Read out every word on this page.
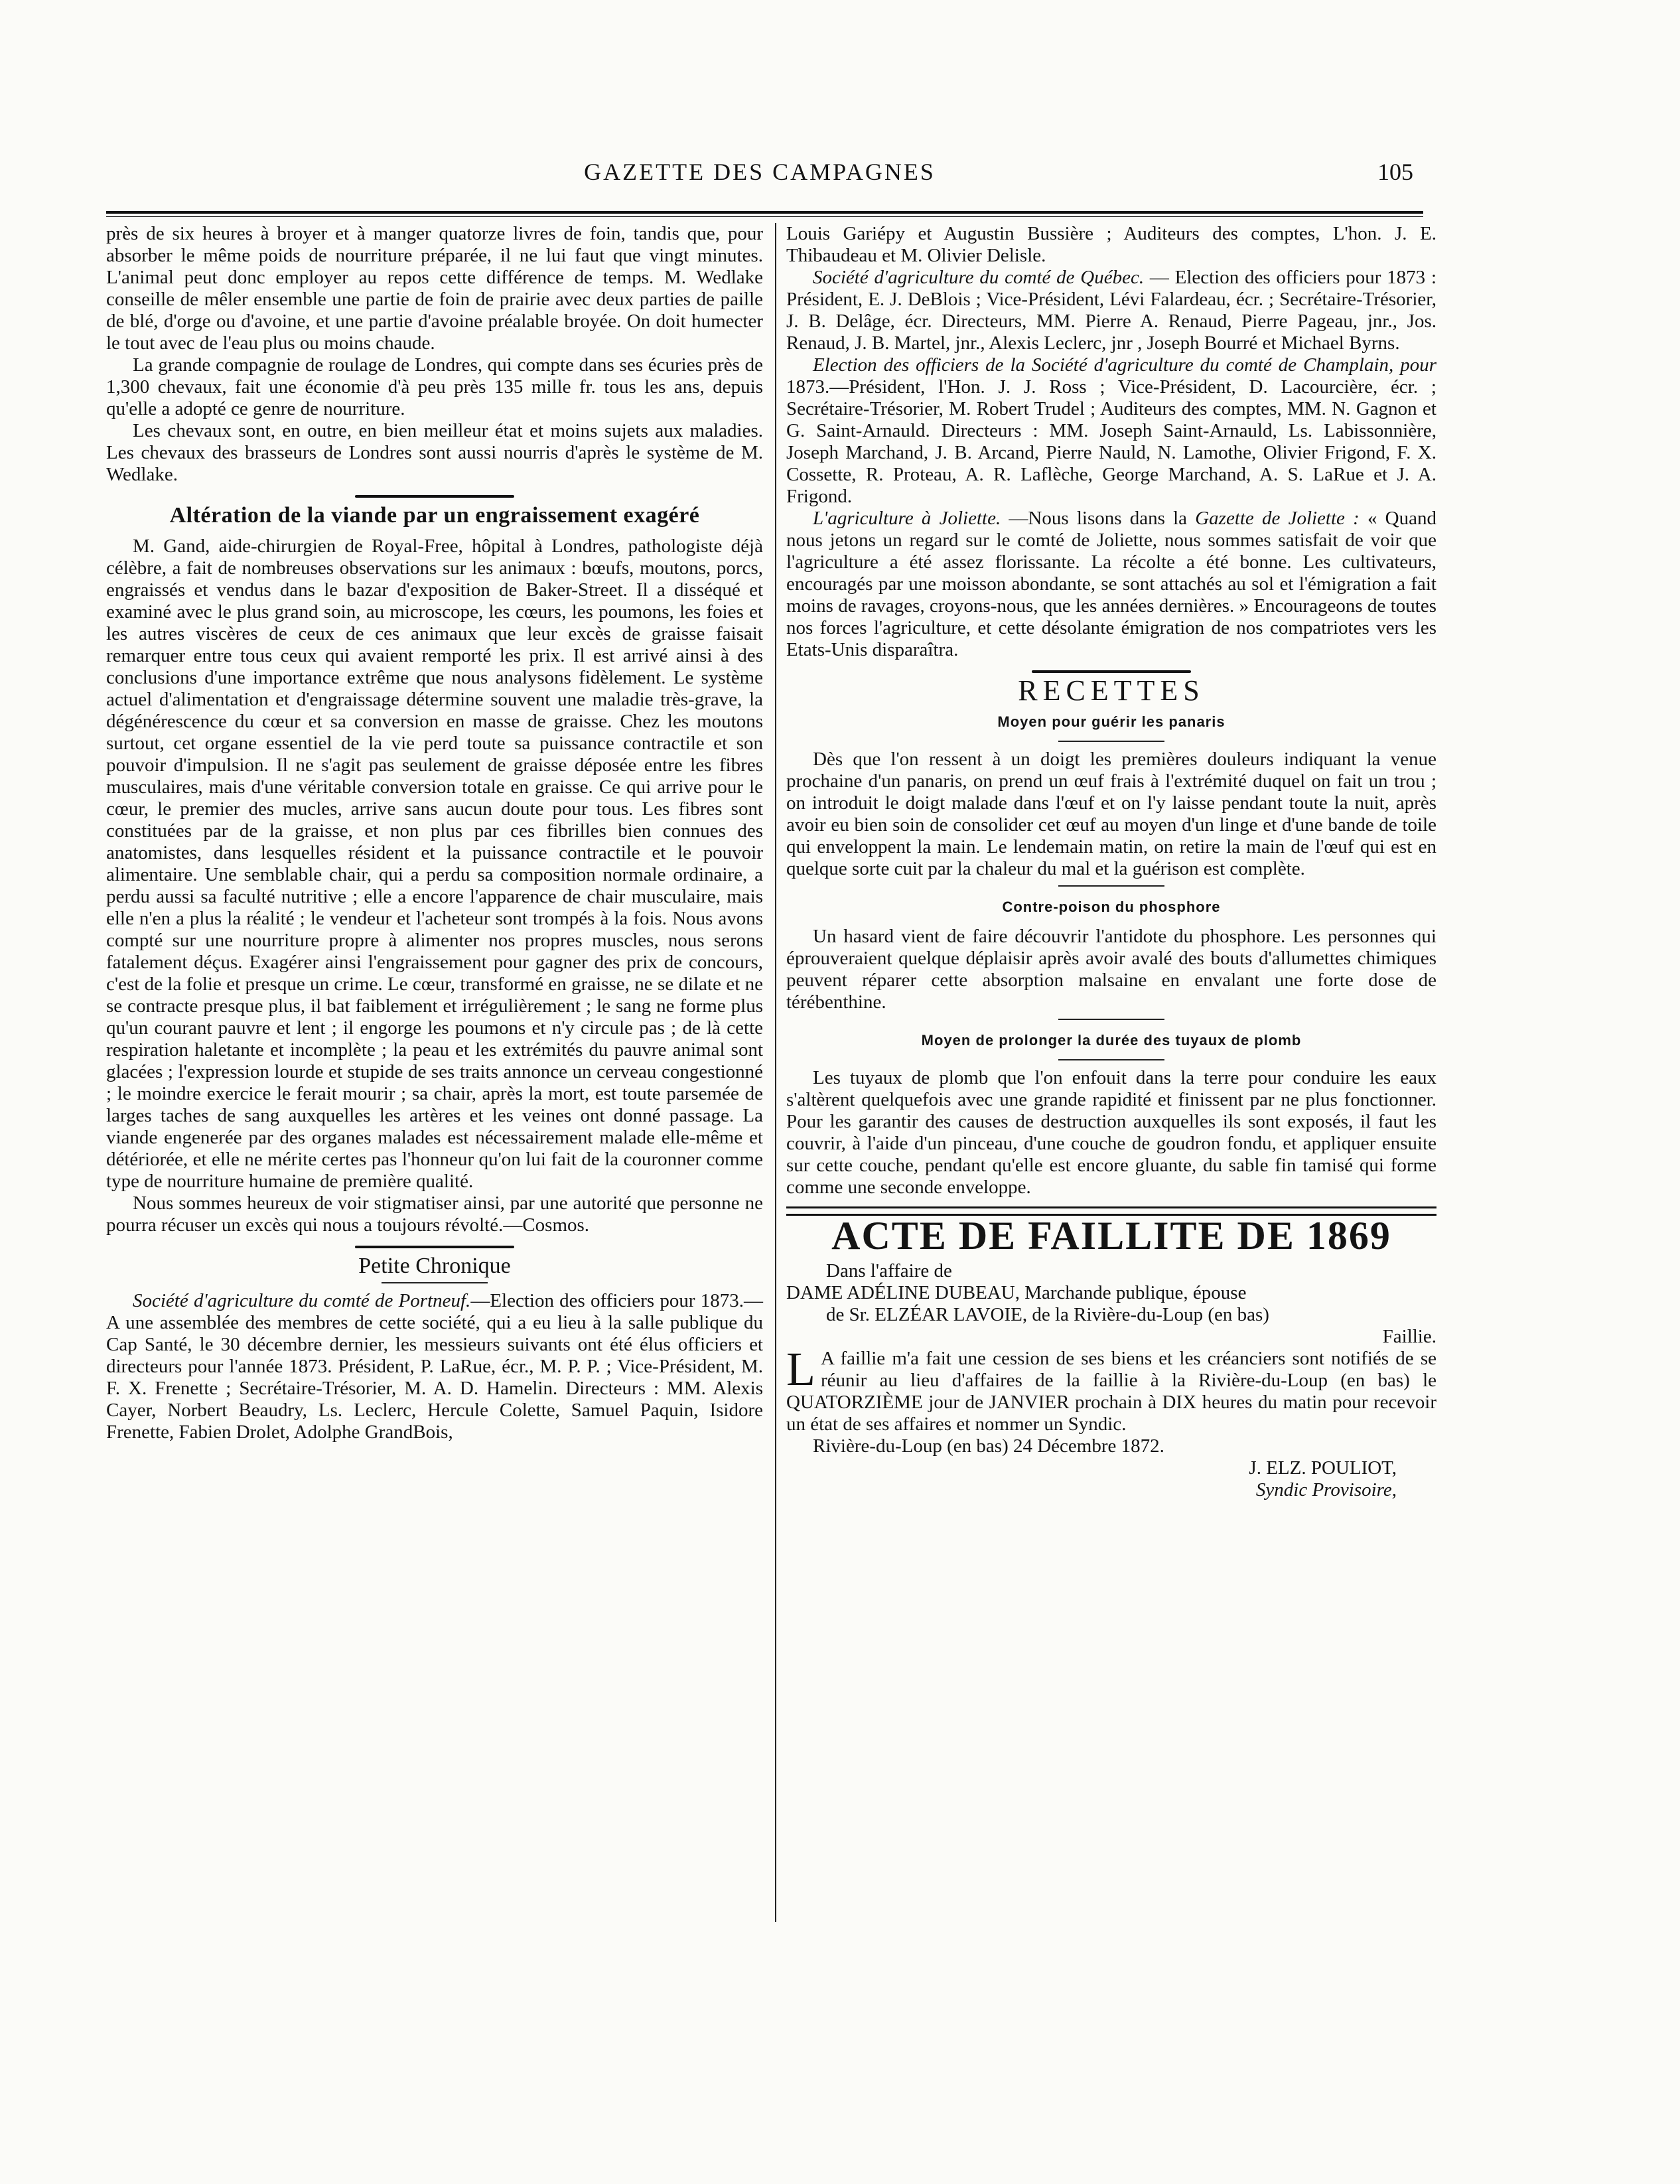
GAZETTE DES CAMPAGNES	105

près de six heures à broyer et à manger quatorze livres de foin, tandis que, pour absorber le même poids de nourriture préparée, il ne lui faut que vingt minutes. L'animal peut donc employer au repos cette différence de temps. M. Wedlake conseille de mêler ensemble une partie de foin de prairie avec deux parties de paille de blé, d'orge ou d'avoine, et une partie d'avoine préalable broyée. On doit humecter le tout avec de l'eau plus ou moins chaude.

La grande compagnie de roulage de Londres, qui compte dans ses écuries près de 1,300 chevaux, fait une économie d'à peu près 135 mille fr. tous les ans, depuis qu'elle a adopté ce genre de nourriture.

Les chevaux sont, en outre, en bien meilleur état et moins sujets aux maladies. Les chevaux des brasseurs de Londres sont aussi nourris d'après le système de M. Wedlake.

Altération de la viande par un engraissement exagéré

M. Gand, aide-chirurgien de Royal-Free, hôpital à Londres, pathologiste déjà célèbre, a fait de nombreuses observations sur les animaux : bœufs, moutons, porcs, engraissés et vendus dans le bazar d'exposition de Baker-Street. Il a disséqué et examiné avec le plus grand soin, au microscope, les cœurs, les poumons, les foies et les autres viscères de ceux de ces animaux que leur excès de graisse faisait remarquer entre tous ceux qui avaient remporté les prix. Il est arrivé ainsi à des conclusions d'une importance extrême que nous analysons fidèlement. Le système actuel d'alimentation et d'engraissage détermine souvent une maladie très-grave, la dégénérescence du cœur et sa conversion en masse de graisse. Chez les moutons surtout, cet organe essentiel de la vie perd toute sa puissance contractile et son pouvoir d'impulsion. Il ne s'agit pas seulement de graisse déposée entre les fibres musculaires, mais d'une véritable conversion totale en graisse. Ce qui arrive pour le cœur, le premier des mucles, arrive sans aucun doute pour tous. Les fibres sont constituées par de la graisse, et non plus par ces fibrilles bien connues des anatomistes, dans lesquelles résident et la puissance contractile et le pouvoir alimentaire. Une semblable chair, qui a perdu sa composition normale ordinaire, a perdu aussi sa faculté nutritive ; elle a encore l'apparence de chair musculaire, mais elle n'en a plus la réalité ; le vendeur et l'acheteur sont trompés à la fois. Nous avons compté sur une nourriture propre à alimenter nos propres muscles, nous serons fatalement déçus. Exagérer ainsi l'engraissement pour gagner des prix de concours, c'est de la folie et presque un crime. Le cœur, transformé en graisse, ne se dilate et ne se contracte presque plus, il bat faiblement et irrégulièrement ; le sang ne forme plus qu'un courant pauvre et lent ; il engorge les poumons et n'y circule pas ; de là cette respiration haletante et incomplète ; la peau et les extrémités du pauvre animal sont glacées ; l'expression lourde et stupide de ses traits annonce un cerveau congestionné ; le moindre exercice le ferait mourir ; sa chair, après la mort, est toute parsemée de larges taches de sang auxquelles les artères et les veines ont donné passage. La viande engenerée par des organes malades est nécessairement malade elle-même et détériorée, et elle ne mérite certes pas l'honneur qu'on lui fait de la couronner comme type de nourriture humaine de première qualité.

Nous sommes heureux de voir stigmatiser ainsi, par une autorité que personne ne pourra récuser un excès qui nous a toujours révolté.—Cosmos.

Petite Chronique

Société d'agriculture du comté de Portneuf.—Election des officiers pour 1873.—A une assemblée des membres de cette société, qui a eu lieu à la salle publique du Cap Santé, le 30 décembre dernier, les messieurs suivants ont été élus officiers et directeurs pour l'année 1873. Président, P. LaRue, écr., M. P. P. ; Vice-Président, M. F. X. Frenette ; Secrétaire-Trésorier, M. A. D. Hamelin. Directeurs : MM. Alexis Cayer, Norbert Beaudry, Ls. Leclerc, Hercule Colette, Samuel Paquin, Isidore Frenette, Fabien Drolet, Adolphe GrandBois,

Louis Gariépy et Augustin Bussière ; Auditeurs des comptes, L'hon. J. E. Thibaudeau et M. Olivier Delisle.

Société d'agriculture du comté de Québec. — Election des officiers pour 1873 : Président, E. J. DeBlois ; Vice-Président, Lévi Falardeau, écr. ; Secrétaire-Trésorier, J. B. Delâge, écr. Directeurs, MM. Pierre A. Renaud, Pierre Pageau, jnr., Jos. Renaud, J. B. Martel, jnr., Alexis Leclerc, jnr , Joseph Bourré et Michael Byrns.

Election des officiers de la Société d'agriculture du comté de Champlain, pour 1873.—Président, l'Hon. J. J. Ross ; Vice-Président, D. Lacourcière, écr. ; Secrétaire-Trésorier, M. Robert Trudel ; Auditeurs des comptes, MM. N. Gagnon et G. Saint-Arnauld. Directeurs : MM. Joseph Saint-Arnauld, Ls. Labissonnière, Joseph Marchand, J. B. Arcand, Pierre Nauld, N. Lamothe, Olivier Frigond, F. X. Cossette, R. Proteau, A. R. Laflèche, George Marchand, A. S. LaRue et J. A. Frigond.

L'agriculture à Joliette. —Nous lisons dans la Gazette de Joliette : « Quand nous jetons un regard sur le comté de Joliette, nous sommes satisfait de voir que l'agriculture a été assez florissante. La récolte a été bonne. Les cultivateurs, encouragés par une moisson abondante, se sont attachés au sol et l'émigration a fait moins de ravages, croyons-nous, que les années dernières. » Encourageons de toutes nos forces l'agriculture, et cette désolante émigration de nos compatriotes vers les Etats-Unis disparaîtra.

RECETTES
Moyen pour guérir les panaris

Dès que l'on ressent à un doigt les premières douleurs indiquant la venue prochaine d'un panaris, on prend un œuf frais à l'extrémité duquel on fait un trou ; on introduit le doigt malade dans l'œuf et on l'y laisse pendant toute la nuit, après avoir eu bien soin de consolider cet œuf au moyen d'un linge et d'une bande de toile qui enveloppent la main. Le lendemain matin, on retire la main de l'œuf qui est en quelque sorte cuit par la chaleur du mal et la guérison est complète.

Contre-poison du phosphore

Un hasard vient de faire découvrir l'antidote du phosphore. Les personnes qui éprouveraient quelque déplaisir après avoir avalé des bouts d'allumettes chimiques peuvent réparer cette absorption malsaine en envalant une forte dose de térébenthine.

Moyen de prolonger la durée des tuyaux de plomb

Les tuyaux de plomb que l'on enfouit dans la terre pour conduire les eaux s'altèrent quelquefois avec une grande rapidité et finissent par ne plus fonctionner. Pour les garantir des causes de destruction auxquelles ils sont exposés, il faut les couvrir, à l'aide d'un pinceau, d'une couche de goudron fondu, et appliquer ensuite sur cette couche, pendant qu'elle est encore gluante, du sable fin tamisé qui forme comme une seconde enveloppe.

ACTE DE FAILLITE DE 1869

Dans l'affaire de

DAME ADÉLINE DUBEAU, Marchande publique, épouse

de Sr. ELZÉAR LAVOIE, de la Rivière-du-Loup (en bas)

Faillie.

L A faillie m'a fait une cession de ses biens et les créanciers sont notifiés de se réunir au lieu d'affaires de la faillie à la Rivière-du-Loup (en bas) le QUATORZIÈME jour de JANVIER prochain à DIX heures du matin pour recevoir un état de ses affaires et nommer un Syndic.

Rivière-du-Loup (en bas) 24 Décembre 1872.

J. ELZ. POULIOT,

Syndic Provisoire,
